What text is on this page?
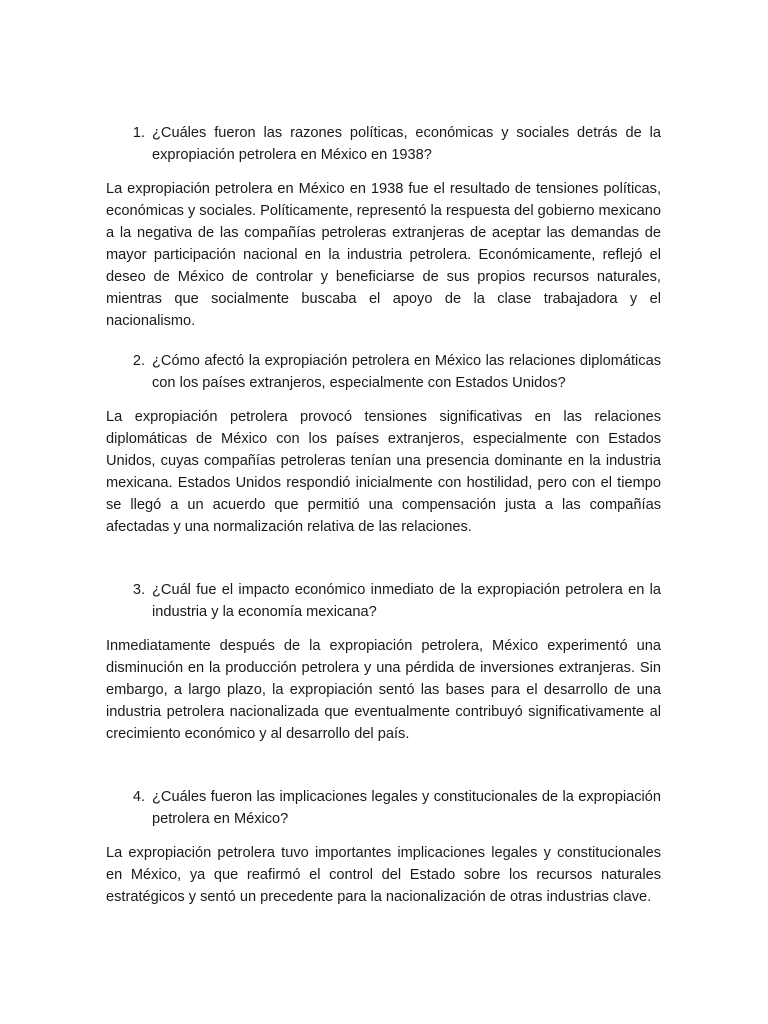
1. ¿Cuáles fueron las razones políticas, económicas y sociales detrás de la expropiación petrolera en México en 1938?

La expropiación petrolera en México en 1938 fue el resultado de tensiones políticas, económicas y sociales. Políticamente, representó la respuesta del gobierno mexicano a la negativa de las compañías petroleras extranjeras de aceptar las demandas de mayor participación nacional en la industria petrolera. Económicamente, reflejó el deseo de México de controlar y beneficiarse de sus propios recursos naturales, mientras que socialmente buscaba el apoyo de la clase trabajadora y el nacionalismo.

2. ¿Cómo afectó la expropiación petrolera en México las relaciones diplomáticas con los países extranjeros, especialmente con Estados Unidos?

La expropiación petrolera provocó tensiones significativas en las relaciones diplomáticas de México con los países extranjeros, especialmente con Estados Unidos, cuyas compañías petroleras tenían una presencia dominante en la industria mexicana. Estados Unidos respondió inicialmente con hostilidad, pero con el tiempo se llegó a un acuerdo que permitió una compensación justa a las compañías afectadas y una normalización relativa de las relaciones.

3. ¿Cuál fue el impacto económico inmediato de la expropiación petrolera en la industria y la economía mexicana?

Inmediatamente después de la expropiación petrolera, México experimentó una disminución en la producción petrolera y una pérdida de inversiones extranjeras. Sin embargo, a largo plazo, la expropiación sentó las bases para el desarrollo de una industria petrolera nacionalizada que eventualmente contribuyó significativamente al crecimiento económico y al desarrollo del país.

4. ¿Cuáles fueron las implicaciones legales y constitucionales de la expropiación petrolera en México?

La expropiación petrolera tuvo importantes implicaciones legales y constitucionales en México, ya que reafirmó el control del Estado sobre los recursos naturales estratégicos y sentó un precedente para la nacionalización de otras industrias clave.
